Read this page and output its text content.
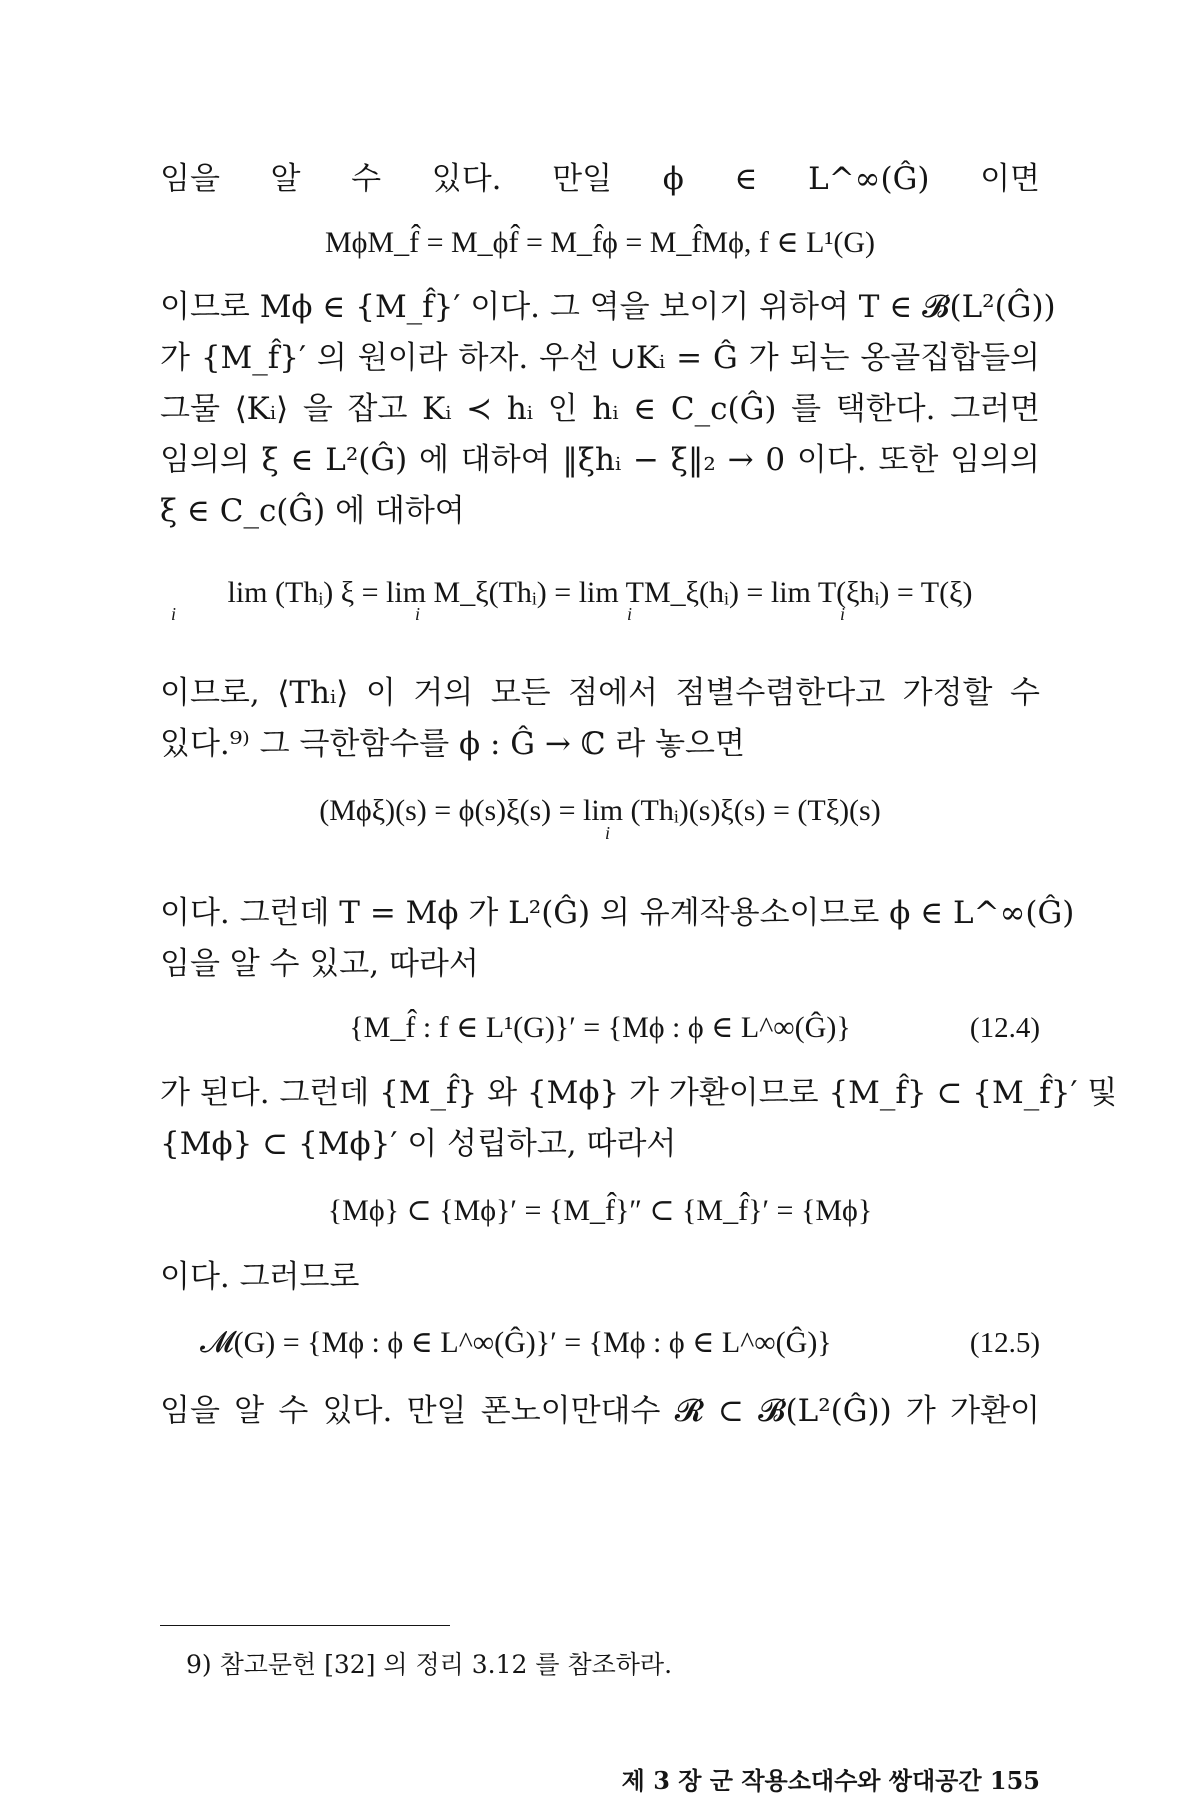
임을 알 수 있다. 만일 ϕ ∈ L^∞(Ĝ) 이면
MϕM_f̂ = M_ϕf̂ = M_f̂ϕ = M_f̂Mϕ, f ∈ L¹(G)
이므로 Mϕ ∈ {M_f̂}′ 이다. 그 역을 보이기 위하여 T ∈ 𝓑(L²(Ĝ))
가 {M_f̂}′ 의 원이라 하자. 우선 ∪Kᵢ = Ĝ 가 되는 옹골집합들의
그물 ⟨Kᵢ⟩ 을 잡고 Kᵢ ≺ hᵢ 인 hᵢ ∈ C_c(Ĝ) 를 택한다. 그러면
임의의 ξ ∈ L²(Ĝ) 에 대하여 ‖ξhᵢ − ξ‖₂ → 0 이다. 또한 임의의
ξ ∈ C_c(Ĝ) 에 대하여
lim (Thᵢ) ξ = lim M_ξ(Thᵢ) = lim TM_ξ(hᵢ) = lim T(ξhᵢ) = T(ξ)
i	i	i	i
이므로, ⟨Thᵢ⟩ 이 거의 모든 점에서 점별수렴한다고 가정할 수
있다.⁹⁾ 그 극한함수를 ϕ : Ĝ → ℂ 라 놓으면
(Mϕξ)(s) = ϕ(s)ξ(s) = lim (Thᵢ)(s)ξ(s) = (Tξ)(s)
i
이다. 그런데 T = Mϕ 가 L²(Ĝ) 의 유계작용소이므로 ϕ ∈ L^∞(Ĝ)
임을 알 수 있고, 따라서
{M_f̂ : f ∈ L¹(G)}′ = {Mϕ : ϕ ∈ L^∞(Ĝ)}	(12.4)
가 된다. 그런데 {M_f̂} 와 {Mϕ} 가 가환이므로 {M_f̂} ⊂ {M_f̂}′ 및
{Mϕ} ⊂ {Mϕ}′ 이 성립하고, 따라서
{Mϕ} ⊂ {Mϕ}′ = {M_f̂}″ ⊂ {M_f̂}′ = {Mϕ}
이다. 그러므로
𝓜(G) = {Mϕ : ϕ ∈ L^∞(Ĝ)}′ = {Mϕ : ϕ ∈ L^∞(Ĝ)}	(12.5)
임을 알 수 있다. 만일 폰노이만대수 𝓡 ⊂ 𝓑(L²(Ĝ)) 가 가환이
9) 참고문헌 [32] 의 정리 3.12 를 참조하라.
제 3 장 군 작용소대수와 쌍대공간 155
